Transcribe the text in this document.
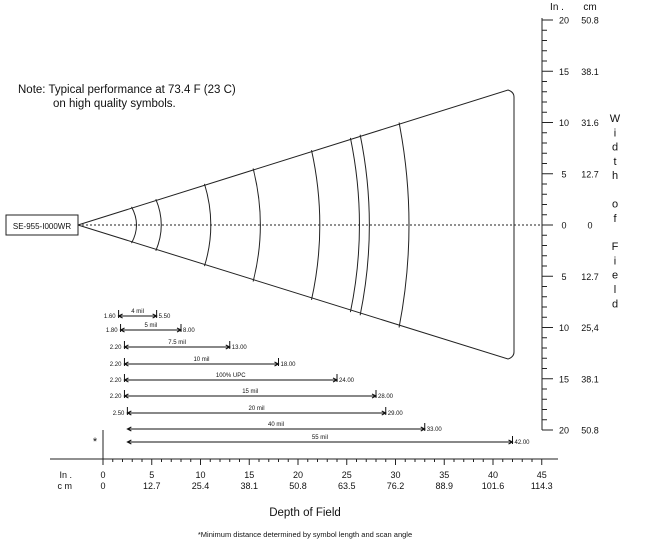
Note: Typical performance at 73.4 F (23 C)
on high quality symbols.
SE-955-I000WR
20 50.8
15 38.1
10 31.6
5 12.7
0 0
5 12.7
10 25,4
15 38.1
20 50.8
In . cm
W
i
d
t
h
o
f
F
i
e
l
d
1.60	5.50
4 mil
1.80	8.00
5 mil
2.20	13.00
7.5 mil
2.20	18.00
10 mil
2.20	24.00
100% UPC
2.20	28.00
15 mil
2.50	29.00
20 mil
33.00
40 mil
42.00
55 mil
*
0
0
5
12.7
10
25.4
15
38.1
20
50.8
25
63.5
30
76.2
35
88.9
40
101.6
45
114.3
In .
c m
Depth of Field
*Minimum distance determined by symbol length and scan angle
